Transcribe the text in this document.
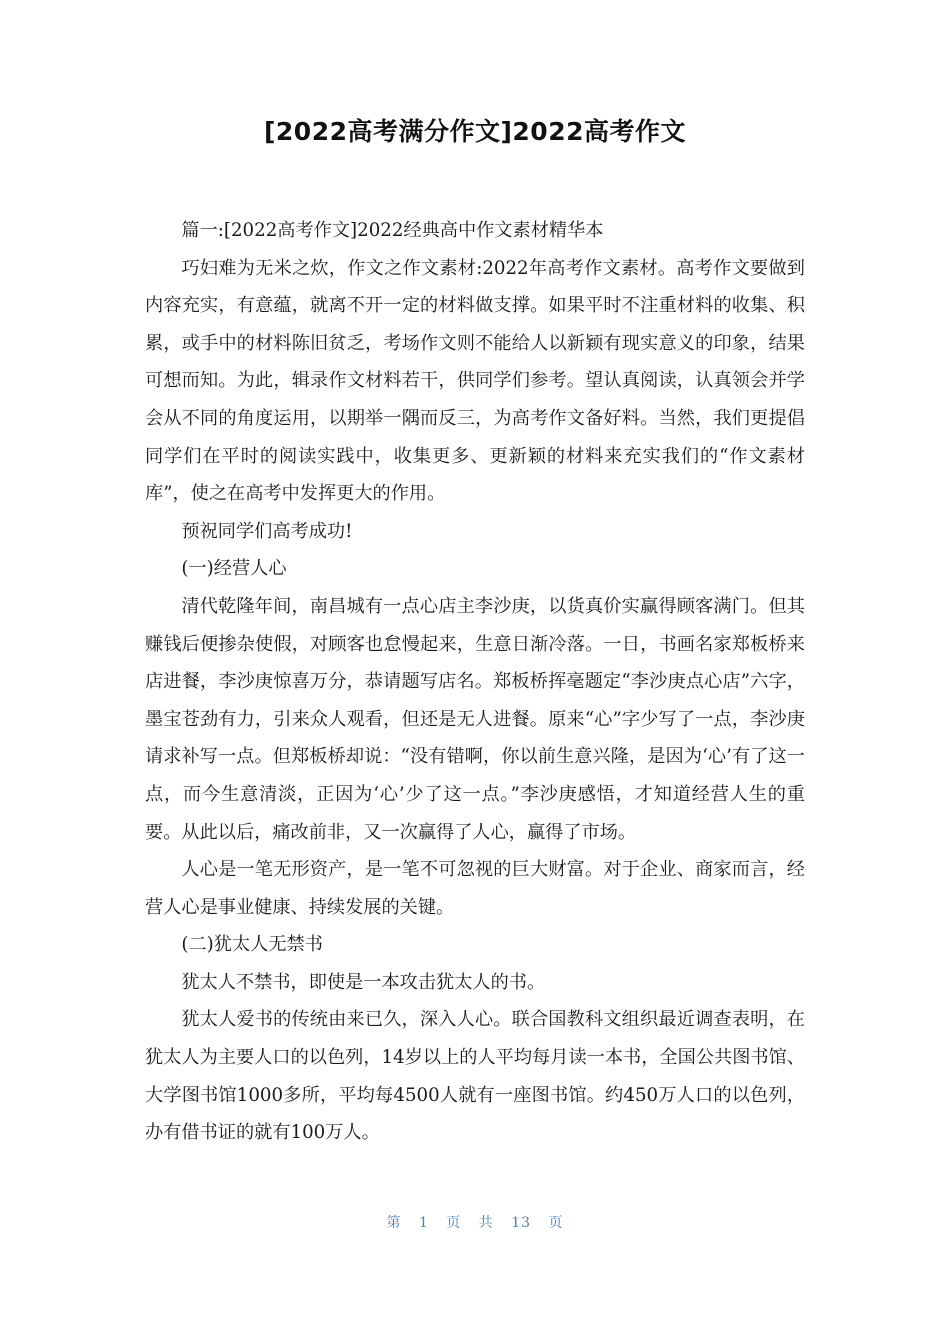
[2022高考满分作文]2022高考作文

篇一:[2022高考作文]2022经典高中作文素材精华本

巧妇难为无米之炊，作文之作文素材:2022年高考作文素材。高考作文要做到内容充实，有意蕴，就离不开一定的材料做支撑。如果平时不注重材料的收集、积累，或手中的材料陈旧贫乏，考场作文则不能给人以新颖有现实意义的印象，结果可想而知。为此，辑录作文材料若干，供同学们参考。望认真阅读，认真领会并学会从不同的角度运用，以期举一隅而反三，为高考作文备好料。当然，我们更提倡同学们在平时的阅读实践中，收集更多、更新颖的材料来充实我们的“作文素材库”，使之在高考中发挥更大的作用。

预祝同学们高考成功!

(一)经营人心

清代乾隆年间，南昌城有一点心店主李沙庚，以货真价实赢得顾客满门。但其赚钱后便掺杂使假，对顾客也怠慢起来，生意日渐冷落。一日，书画名家郑板桥来店进餐，李沙庚惊喜万分，恭请题写店名。郑板桥挥毫题定“李沙庚点心店”六字，墨宝苍劲有力，引来众人观看，但还是无人进餐。原来“心”字少写了一点，李沙庚请求补写一点。但郑板桥却说：“没有错啊，你以前生意兴隆，是因为‘心’有了这一点，而今生意清淡，正因为‘心’少了这一点。”李沙庚感悟，才知道经营人生的重要。从此以后，痛改前非，又一次赢得了人心，赢得了市场。

人心是一笔无形资产，是一笔不可忽视的巨大财富。对于企业、商家而言，经营人心是事业健康、持续发展的关键。

(二)犹太人无禁书

犹太人不禁书，即使是一本攻击犹太人的书。

犹太人爱书的传统由来已久，深入人心。联合国教科文组织最近调查表明，在犹太人为主要人口的以色列，14岁以上的人平均每月读一本书，全国公共图书馆、大学图书馆1000多所，平均每4500人就有一座图书馆。约450万人口的以色列，办有借书证的就有100万人。

第 1 页 共 13 页
